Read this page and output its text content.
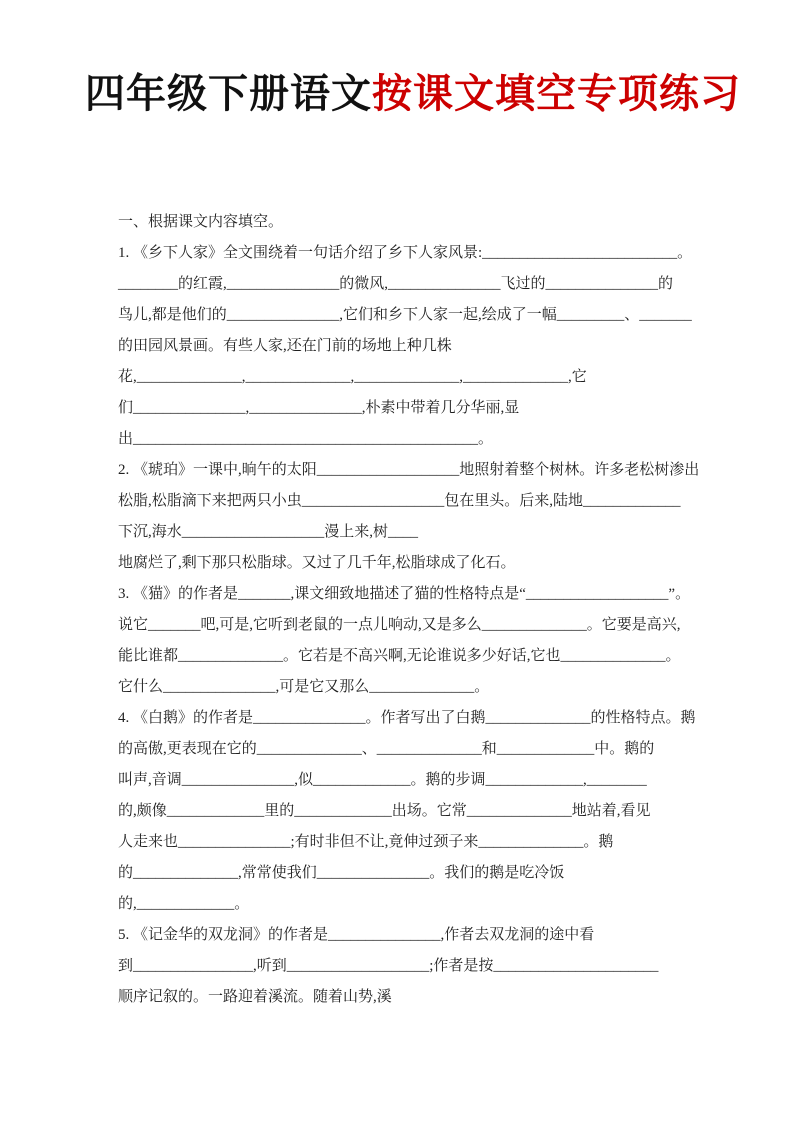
四年级下册语文按课文填空专项练习
一、根据课文内容填空。
1. 《乡下人家》全文围绕着一句话介绍了乡下人家风景:__________________________。
________的红霞,_______________的微风,_______________飞过的_______________的
鸟儿,都是他们的_______________,它们和乡下人家一起,绘成了一幅_________、_______
的田园风景画。有些人家,还在门前的场地上种几株
花,______________,______________,______________,______________,它
们_______________,_______________,朴素中带着几分华丽,显
出______________________________________________。
2. 《琥珀》一课中,晌午的太阳___________________地照射着整个树林。许多老松树渗出
松脂,松脂滴下来把两只小虫___________________包在里头。后来,陆地_____________
下沉,海水___________________漫上来,树____
地腐烂了,剩下那只松脂球。又过了几千年,松脂球成了化石。
3. 《猫》的作者是_______,课文细致地描述了猫的性格特点是“___________________”。
说它_______吧,可是,它听到老鼠的一点儿响动,又是多么______________。它要是高兴,
能比谁都______________。它若是不高兴啊,无论谁说多少好话,它也______________。
它什么_______________,可是它又那么______________。
4. 《白鹅》的作者是_______________。作者写出了白鹅______________的性格特点。鹅
的高傲,更表现在它的______________、______________和_____________中。鹅的
叫声,音调_______________,似_____________。鹅的步调_____________,________
的,颇像_____________里的_____________出场。它常______________地站着,看见
人走来也_______________;有时非但不让,竟伸过颈子来______________。鹅
的______________,常常使我们_______________。我们的鹅是吃冷饭
的,_____________。
5. 《记金华的双龙洞》的作者是_______________,作者去双龙洞的途中看
到________________,听到___________________;作者是按______________________
顺序记叙的。一路迎着溪流。随着山势,溪
